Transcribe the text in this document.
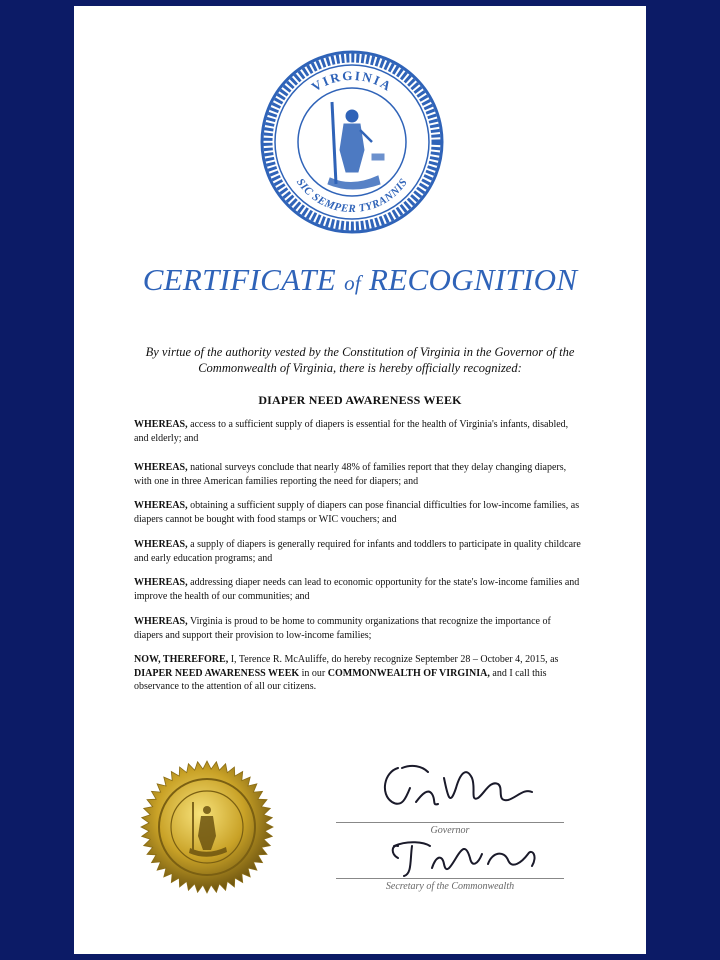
VIRGINIA
SIC SEMPER TYRANNIS
CERTIFICATE of RECOGNITION
By virtue of the authority vested by the Constitution of Virginia in the Governor of the Commonwealth of Virginia, there is hereby officially recognized:
DIAPER NEED AWARENESS WEEK
WHEREAS, access to a sufficient supply of diapers is essential for the health of Virginia's infants, disabled, and elderly; and
WHEREAS, national surveys conclude that nearly 48% of families report that they delay changing diapers, with one in three American families reporting the need for diapers; and
WHEREAS, obtaining a sufficient supply of diapers can pose financial difficulties for low-income families, as diapers cannot be bought with food stamps or WIC vouchers; and
WHEREAS, a supply of diapers is generally required for infants and toddlers to participate in quality childcare and early education programs; and
WHEREAS, addressing diaper needs can lead to economic opportunity for the state's low-income families and improve the health of our communities; and
WHEREAS, Virginia is proud to be home to community organizations that recognize the importance of diapers and support their provision to low-income families;
NOW, THEREFORE, I, Terence R. McAuliffe, do hereby recognize September 28 – October 4, 2015, as DIAPER NEED AWARENESS WEEK in our COMMONWEALTH OF VIRGINIA, and I call this observance to the attention of all our citizens.
Governor
Secretary of the Commonwealth
